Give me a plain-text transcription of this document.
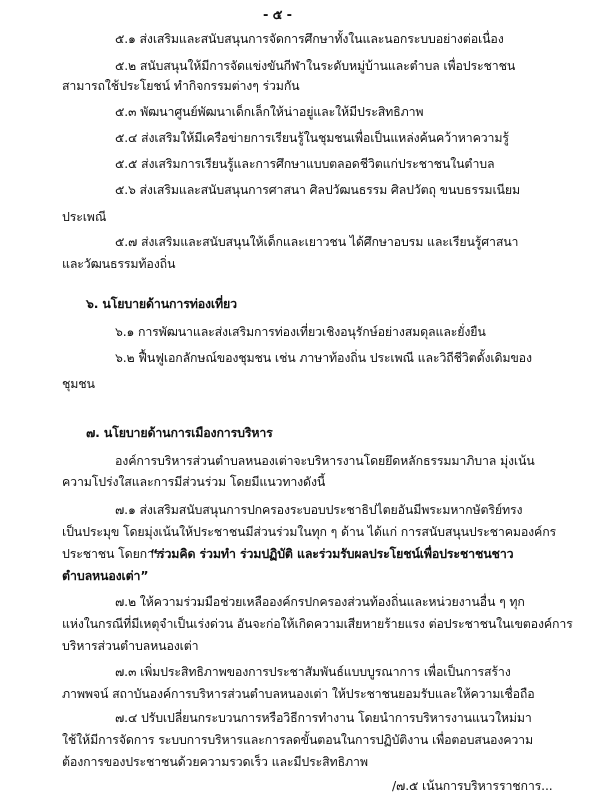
- ๕ -
๕.๑ ส่งเสริมและสนับสนุนการจัดการศึกษาทั้งในและนอกระบบอย่างต่อเนื่อง
๕.๒ สนับสนุนให้มีการจัดแข่งขันกีฬาในระดับหมู่บ้านและตำบล เพื่อประชาชน
สามารถใช้ประโยชน์ ทำกิจกรรมต่างๆ ร่วมกัน
๕.๓ พัฒนาศูนย์พัฒนาเด็กเล็กให้น่าอยู่และให้มีประสิทธิภาพ
๕.๔ ส่งเสริมให้มีเครือข่ายการเรียนรู้ในชุมชนเพื่อเป็นแหล่งค้นคว้าหาความรู้
๕.๕ ส่งเสริมการเรียนรู้และการศึกษาแบบตลอดชีวิตแก่ประชาชนในตำบล
๕.๖ ส่งเสริมและสนับสนุนการศาสนา ศิลปวัฒนธรรม ศิลปวัตถุ ขนบธรรมเนียม
ประเพณี
๕.๗ ส่งเสริมและสนับสนุนให้เด็กและเยาวชน ได้ศึกษาอบรม และเรียนรู้ศาสนา
และวัฒนธรรมท้องถิ่น
๖. นโยบายด้านการท่องเที่ยว
๖.๑ การพัฒนาและส่งเสริมการท่องเที่ยวเชิงอนุรักษ์อย่างสมดุลและยั่งยืน
๖.๒ ฟื้นฟูเอกลักษณ์ของชุมชน เช่น ภาษาท้องถิ่น ประเพณี และวิถีชีวิตดั้งเดิมของ
ชุมชน
๗. นโยบายด้านการเมืองการบริหาร
องค์การบริหารส่วนตำบลหนองเต่าจะบริหารงานโดยยึดหลักธรรมมาภิบาล มุ่งเน้น
ความโปร่งใสและการมีส่วนร่วม โดยมีแนวทางดังนี้
๗.๑ ส่งเสริมสนับสนุนการปกครองระบอบประชาธิปไตยอันมีพระมหากษัตริย์ทรง
เป็นประมุข โดยมุ่งเน้นให้ประชาชนมีส่วนร่วมในทุก ๆ ด้าน ได้แก่ การสนับสนุนประชาคมองค์กร
ประชาชน โดยการ
“ร่วมคิด ร่วมทำ ร่วมปฏิบัติ และร่วมรับผลประโยชน์เพื่อประชาชนชาว
ตำบลหนองเต่า”
๗.๒ ให้ความร่วมมือช่วยเหลือองค์กรปกครองส่วนท้องถิ่นและหน่วยงานอื่น ๆ ทุก
แห่งในกรณีที่มีเหตุจำเป็นเร่งด่วน อันจะก่อให้เกิดความเสียหายร้ายแรง ต่อประชาชนในเขตองค์การ
บริหารส่วนตำบลหนองเต่า
๗.๓ เพิ่มประสิทธิภาพของการประชาสัมพันธ์แบบบูรณาการ เพื่อเป็นการสร้าง
ภาพพจน์ สถาบันองค์การบริหารส่วนตำบลหนองเต่า ให้ประชาชนยอมรับและให้ความเชื่อถือ
๗.๔ ปรับเปลี่ยนกระบวนการหรือวิธีการทำงาน โดยนำการบริหารงานแนวใหม่มา
ใช้ให้มีการจัดการ ระบบการบริหารและการลดขั้นตอนในการปฏิบัติงาน เพื่อตอบสนองความ
ต้องการของประชาชนด้วยความรวดเร็ว และมีประสิทธิภาพ
/๗.๕ เน้นการบริหารราชการ...
